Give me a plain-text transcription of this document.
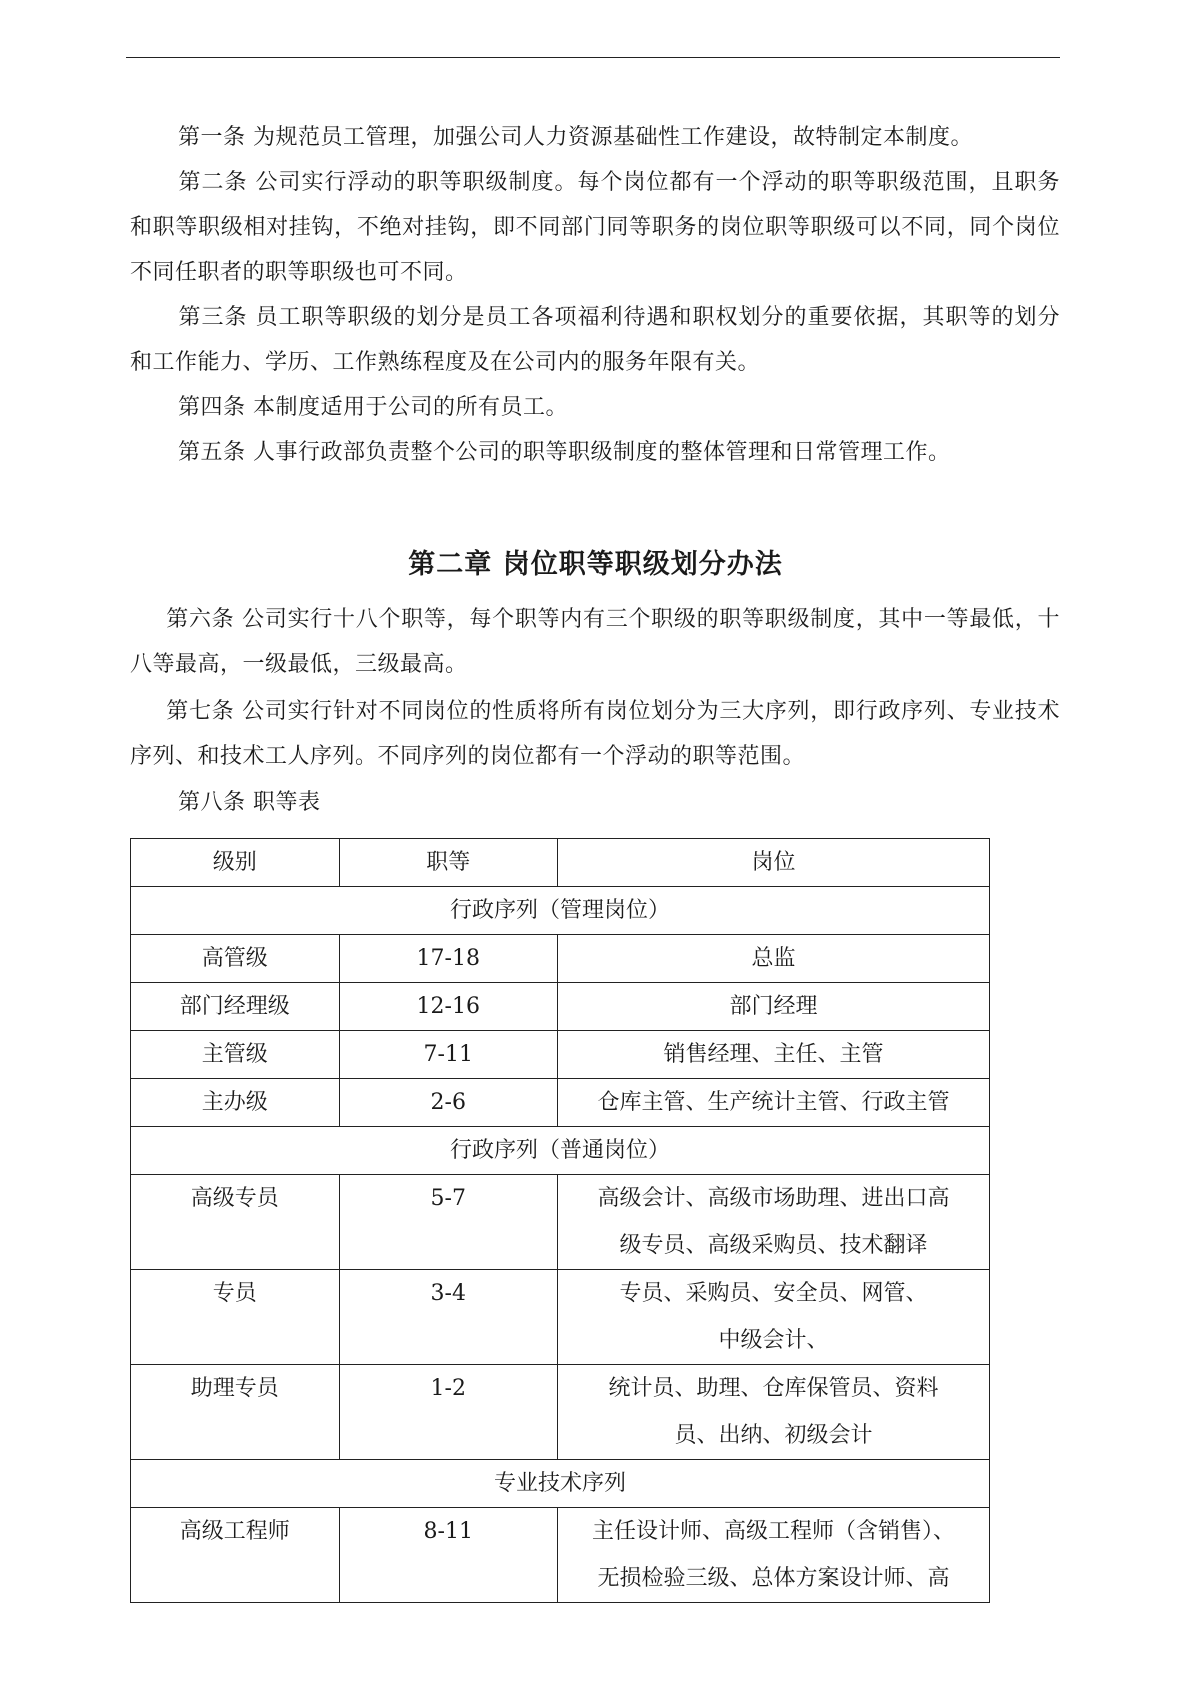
第一条 为规范员工管理，加强公司人力资源基础性工作建设，故特制定本制度。

第二条 公司实行浮动的职等职级制度。每个岗位都有一个浮动的职等职级范围，且职务和职等职级相对挂钩，不绝对挂钩，即不同部门同等职务的岗位职等职级可以不同，同个岗位不同任职者的职等职级也可不同。

第三条 员工职等职级的划分是员工各项福利待遇和职权划分的重要依据，其职等的划分和工作能力、学历、工作熟练程度及在公司内的服务年限有关。

第四条 本制度适用于公司的所有员工。

第五条 人事行政部负责整个公司的职等职级制度的整体管理和日常管理工作。

第二章 岗位职等职级划分办法

第六条 公司实行十八个职等，每个职等内有三个职级的职等职级制度，其中一等最低，十八等最高，一级最低，三级最高。

第七条 公司实行针对不同岗位的性质将所有岗位划分为三大序列，即行政序列、专业技术序列、和技术工人序列。不同序列的岗位都有一个浮动的职等范围。

第八条 职等表

级别	职等	岗位
行政序列（管理岗位）		
高管级	17-18	总监

部门经理级	12-16	部门经理

主管级	7-11	销售经理、主任、主管

主办级	2-6	仓库主管、生产统计主管、行政主管

行政序列（普通岗位）		
高级专员	5-7	高级会计、高级市场助理、进出口高
级专员、高级采购员、技术翻译

专员	3-4	专员、采购员、安全员、网管、
中级会计、

助理专员	1-2	统计员、助理、仓库保管员、资料
员、出纳、初级会计

专业技术序列		
高级工程师	8-11	主任设计师、高级工程师（含销售）、
无损检验三级、总体方案设计师、高
